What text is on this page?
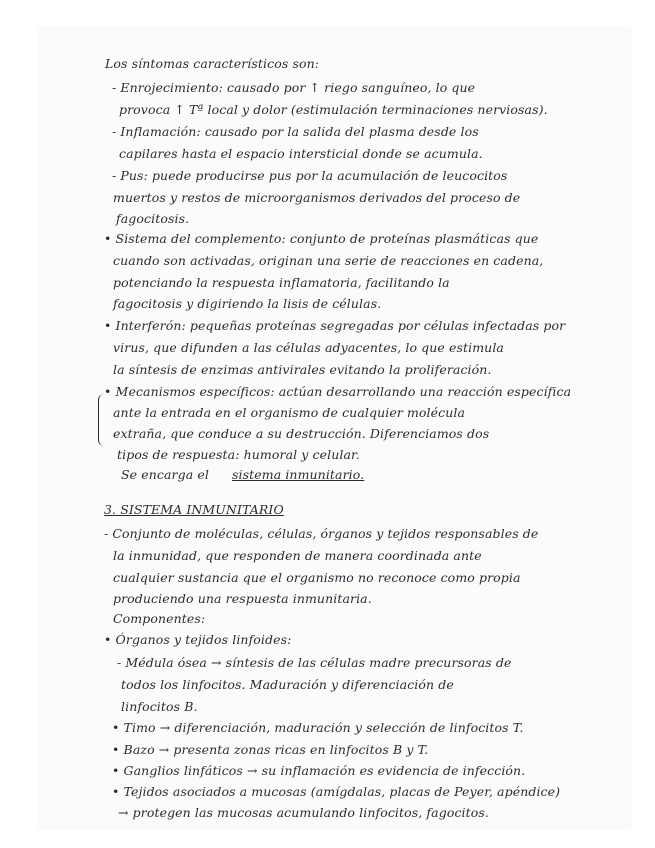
Los síntomas característicos son:
- Enrojecimiento: causado por ↑ riego sanguíneo, lo que
provoca ↑ Tª local y dolor (estimulación terminaciones nerviosas).
- Inflamación: causado por la salida del plasma desde los
capilares hasta el espacio intersticial donde se acumula.
- Pus: puede producirse pus por la acumulación de leucocitos
muertos y restos de microorganismos derivados del proceso de
fagocitosis.
• Sistema del complemento: conjunto de proteínas plasmáticas que
cuando son activadas, originan una serie de reacciones en cadena,
potenciando la respuesta inflamatoria, facilitando la
fagocitosis y digiriendo la lisis de células.
• Interferón: pequeñas proteínas segregadas por células infectadas por
virus, que difunden a las células adyacentes, lo que estimula
la síntesis de enzimas antivirales evitando la proliferación.
• Mecanismos específicos: actúan desarrollando una reacción específica
ante la entrada en el organismo de cualquier molécula
extraña, que conduce a su destrucción. Diferenciamos dos
tipos de respuesta: humoral y celular.
Se encarga el sistema inmunitario.
3. SISTEMA INMUNITARIO
- Conjunto de moléculas, células, órganos y tejidos responsables de
la inmunidad, que responden de manera coordinada ante
cualquier sustancia que el organismo no reconoce como propia
produciendo una respuesta inmunitaria.
Componentes:
• Órganos y tejidos linfoides:
- Médula ósea → síntesis de las células madre precursoras de
todos los linfocitos. Maduración y diferenciación de
linfocitos B.
• Timo → diferenciación, maduración y selección de linfocitos T.
• Bazo → presenta zonas ricas en linfocitos B y T.
• Ganglios linfáticos → su inflamación es evidencia de infección.
• Tejidos asociados a mucosas (amígdalas, placas de Peyer, apéndice)
→ protegen las mucosas acumulando linfocitos, fagocitos.
